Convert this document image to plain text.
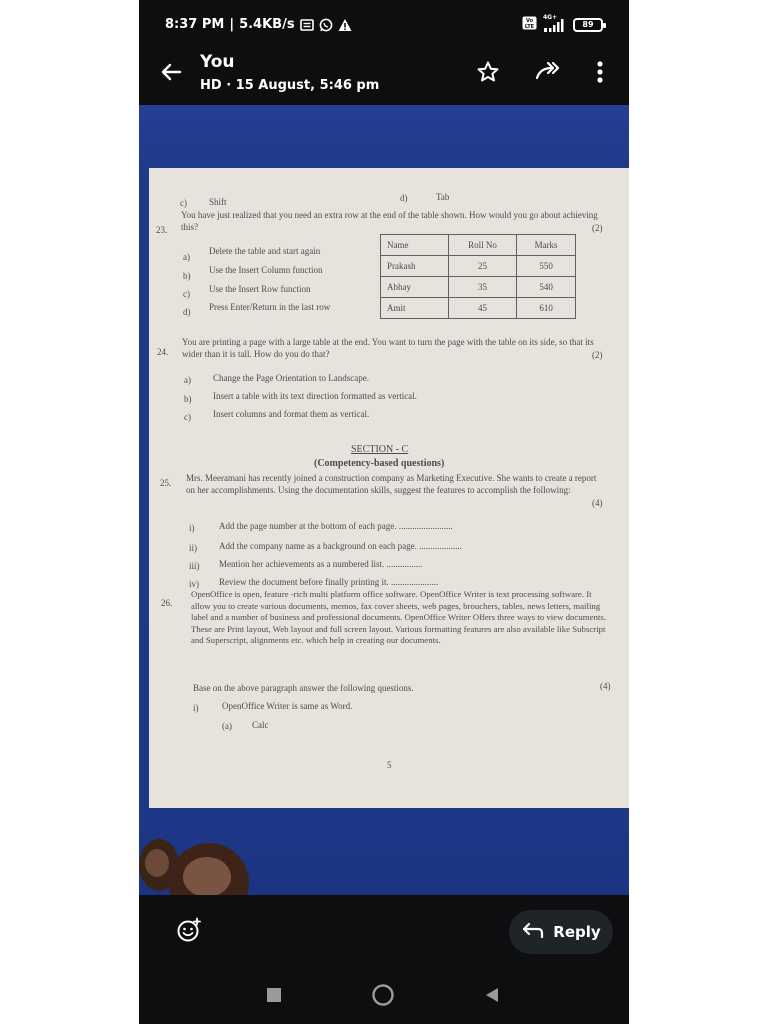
8:37 PM | 5.4KB/s	Vo
LTE
4G+
89
You
HD · 15 August, 5:46 pm
c) Shift	d)	Tab
23.
You have just realized that you need an extra row at the end of the table shown. How would you go about achieving this?	(2)
a)
Delete the table and start again
b)
Use the Insert Column function
c) Use the Insert Row function
d) Press Enter/Return in the last row
Name	Roll No	Marks
Prakash	25	550
Abhay	35	540
Amit	45	610
24.
You are printing a page with a large table at the end. You want to turn the page with the table on its side, so that its wider than it is tall. How do you do that?	(2)
a) Change the Page Orientation to Landscape.
b) Insert a table with its text direction formatted as vertical.
c) Insert columns and format them as vertical.
SECTION - C
(Competency-based questions)
25. Mrs. Meeramani has recently joined a construction company as Marketing Executive. She wants to create a report on her accomplishments. Using the documentation skills, suggest the features to accomplish the following:
(4)
i)	Add the page number at the bottom of each page. ........................
ii) Add the company name as a background on each page. ...................
iii) Mention her achievements as a numbered list. ................
iv) Review the document before finally printing it. .....................
26.
OpenOffice is open, feature -rich multi platform office software. OpenOffice Writer is text processing software. It allow you to create various documents, memos, fax cover sheets, web pages, brouchers, tables, news letters, mailing label and a number of business and professional documents. OpenOffice Writer Offers three ways to view documents. These are Print layout, Web layout and full screen layout. Various formatting features are also available like Subscript and Superscript, alignments etc. which help in creating our documents.
Base on the above paragraph answer the following questions.	(4)
i)	OpenOffice Writer is same as Word.
(a) Calc
5
Reply
